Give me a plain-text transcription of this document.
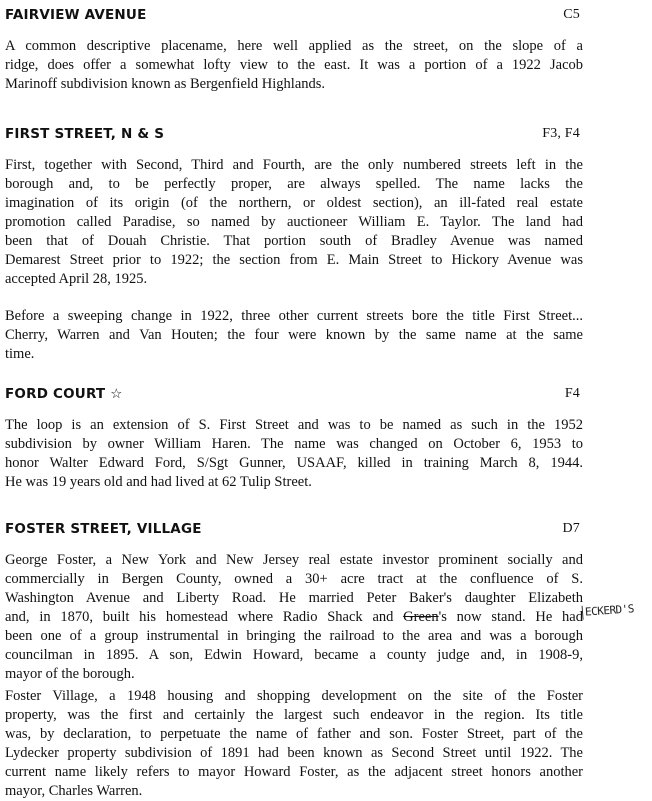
FAIRVIEW AVENUE	C5
A common descriptive placename, here well applied as the street, on the slope of a
ridge, does offer a somewhat lofty view to the east. It was a portion of a 1922 Jacob
Marinoff subdivision known as Bergenfield Highlands.
FIRST STREET, N & S	F3, F4
First, together with Second, Third and Fourth, are the only numbered streets left in the
borough and, to be perfectly proper, are always spelled. The name lacks the
imagination of its origin (of the northern, or oldest section), an ill-fated real estate
promotion called Paradise, so named by auctioneer William E. Taylor. The land had
been that of Douah Christie. That portion south of Bradley Avenue was named
Demarest Street prior to 1922; the section from E. Main Street to Hickory Avenue was
accepted April 28, 1925.
Before a sweeping change in 1922, three other current streets bore the title First Street...
Cherry, Warren and Van Houten; the four were known by the same name at the same
time.
FORD COURT ☆	F4
The loop is an extension of S. First Street and was to be named as such in the 1952
subdivision by owner William Haren. The name was changed on October 6, 1953 to
honor Walter Edward Ford, S/Sgt Gunner, USAAF, killed in training March 8, 1944.
He was 19 years old and had lived at 62 Tulip Street.
FOSTER STREET, VILLAGE	D7
George Foster, a New York and New Jersey real estate investor prominent socially and
commercially in Bergen County, owned a 30+ acre tract at the confluence of S.
Washington Avenue and Liberty Road. He married Peter Baker's daughter Elizabeth
and, in 1870, built his homestead where Radio Shack and Green's now stand. He had
been one of a group instrumental in bringing the railroad to the area and was a borough
councilman in 1895. A son, Edwin Howard, became a county judge and, in 1908-9,
mayor of the borough.
Foster Village, a 1948 housing and shopping development on the site of the Foster
property, was the first and certainly the largest such endeavor in the region. Its title
was, by declaration, to perpetuate the name of father and son. Foster Street, part of the
Lydecker property subdivision of 1891 had been known as Second Street until 1922. The
current name likely refers to mayor Howard Foster, as the adjacent street honors another
mayor, Charles Warren.
ECKERD'S
